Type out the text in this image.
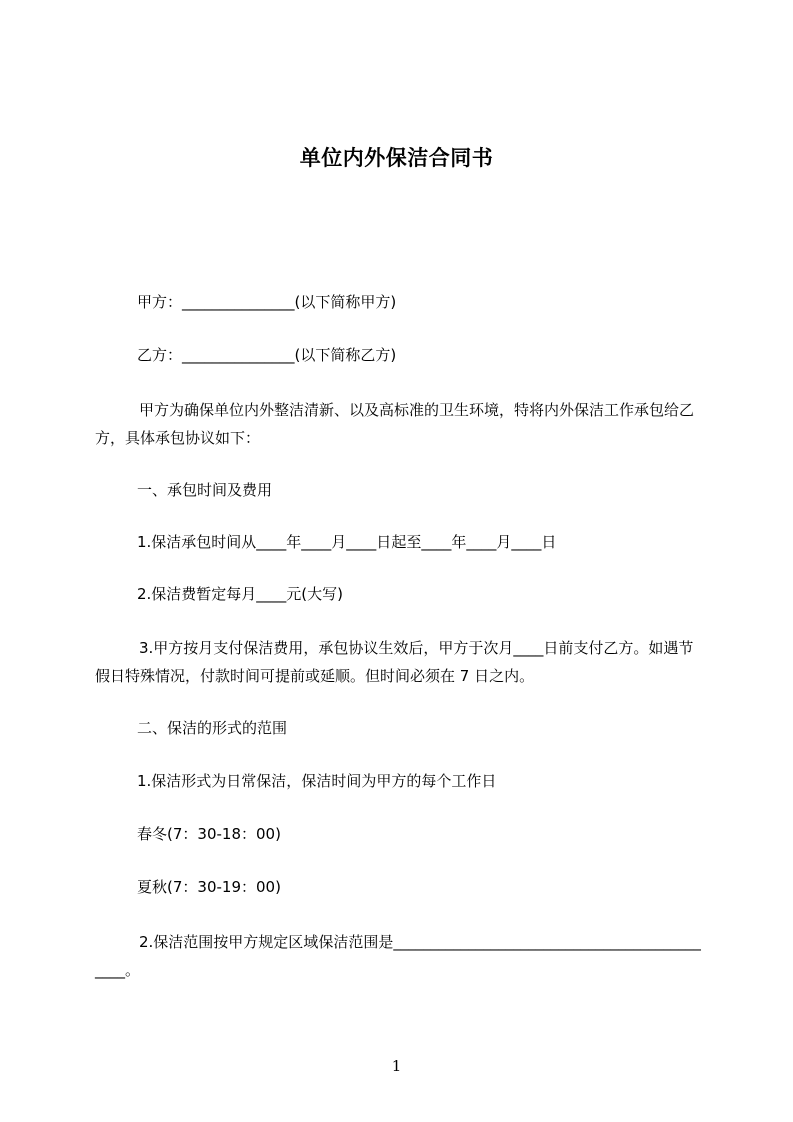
单位内外保洁合同书
甲方：_______________(以下简称甲方)
乙方：_______________(以下简称乙方)
甲方为确保单位内外整洁清新、以及高标准的卫生环境，特将内外保洁工作承包给乙方，具体承包协议如下：
一、承包时间及费用
1.保洁承包时间从____年____月____日起至____年____月____日
2.保洁费暂定每月____元(大写)
3.甲方按月支付保洁费用，承包协议生效后，甲方于次月____日前支付乙方。如遇节假日特殊情况，付款时间可提前或延顺。但时间必须在 7 日之内。
二、保洁的形式的范围
1.保洁形式为日常保洁，保洁时间为甲方的每个工作日
春冬(7：30-18：00)
夏秋(7：30-19：00)
2.保洁范围按甲方规定区域保洁范围是_____________________________________________。
1
